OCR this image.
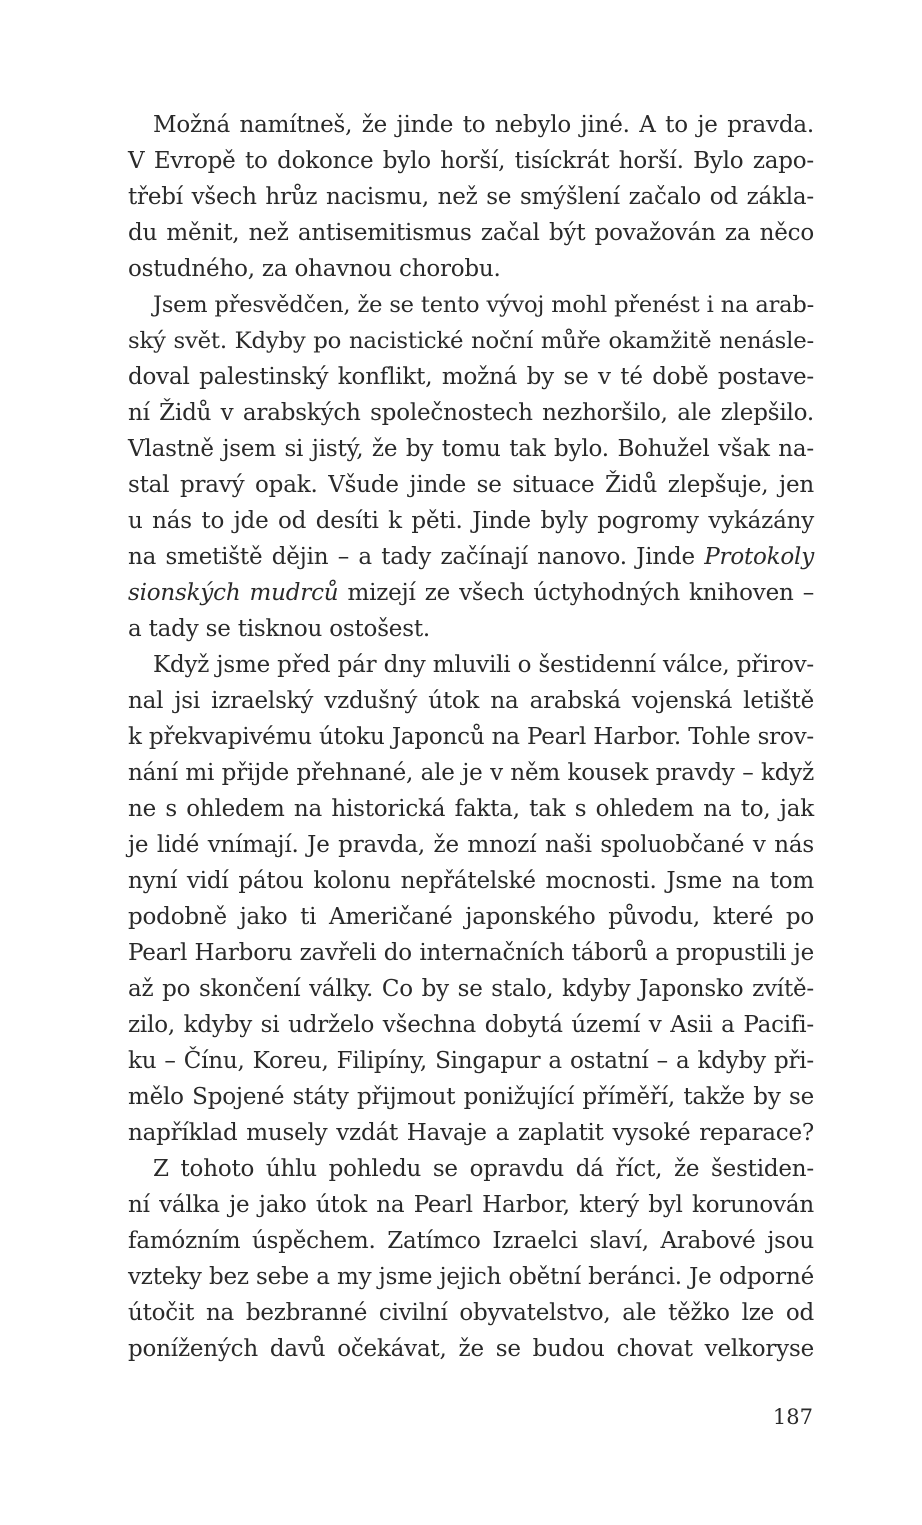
Možná namítneš, že jinde to nebylo jiné. A to je pravda.
V Evropě to dokonce bylo horší, tisíckrát horší. Bylo zapo-
třebí všech hrůz nacismu, než se smýšlení začalo od zákla-
du měnit, než antisemitismus začal být považován za něco
ostudného, za ohavnou chorobu.
Jsem přesvědčen, že se tento vývoj mohl přenést i na arab-
ský svět. Kdyby po nacistické noční můře okamžitě nenásle-
doval palestinský konflikt, možná by se v té době postave-
ní Židů v arabských společnostech nezhoršilo, ale zlepšilo.
Vlastně jsem si jistý, že by tomu tak bylo. Bohužel však na-
stal pravý opak. Všude jinde se situace Židů zlepšuje, jen
u nás to jde od desíti k pěti. Jinde byly pogromy vykázány
na smetiště dějin – a tady začínají nanovo. Jinde Protokoly
sionských mudrců mizejí ze všech úctyhodných knihoven –
a tady se tisknou ostošest.
Když jsme před pár dny mluvili o šestidenní válce, přirov-
nal jsi izraelský vzdušný útok na arabská vojenská letiště
k překvapivému útoku Japonců na Pearl Harbor. Tohle srov-
nání mi přijde přehnané, ale je v něm kousek pravdy – když
ne s ohledem na historická fakta, tak s ohledem na to, jak
je lidé vnímají. Je pravda, že mnozí naši spoluobčané v nás
nyní vidí pátou kolonu nepřátelské mocnosti. Jsme na tom
podobně jako ti Američané japonského původu, které po
Pearl Harboru zavřeli do internačních táborů a propustili je
až po skončení války. Co by se stalo, kdyby Japonsko zvítě-
zilo, kdyby si udrželo všechna dobytá území v Asii a Pacifi-
ku – Čínu, Koreu, Filipíny, Singapur a ostatní – a kdyby při-
mělo Spojené státy přijmout ponižující příměří, takže by se
například musely vzdát Havaje a zaplatit vysoké reparace?
Z tohoto úhlu pohledu se opravdu dá říct, že šestiden-
ní válka je jako útok na Pearl Harbor, který byl korunován
famózním úspěchem. Zatímco Izraelci slaví, Arabové jsou
vzteky bez sebe a my jsme jejich obětní beránci. Je odporné
útočit na bezbranné civilní obyvatelstvo, ale těžko lze od
ponížených davů očekávat, že se budou chovat velkoryse
187
